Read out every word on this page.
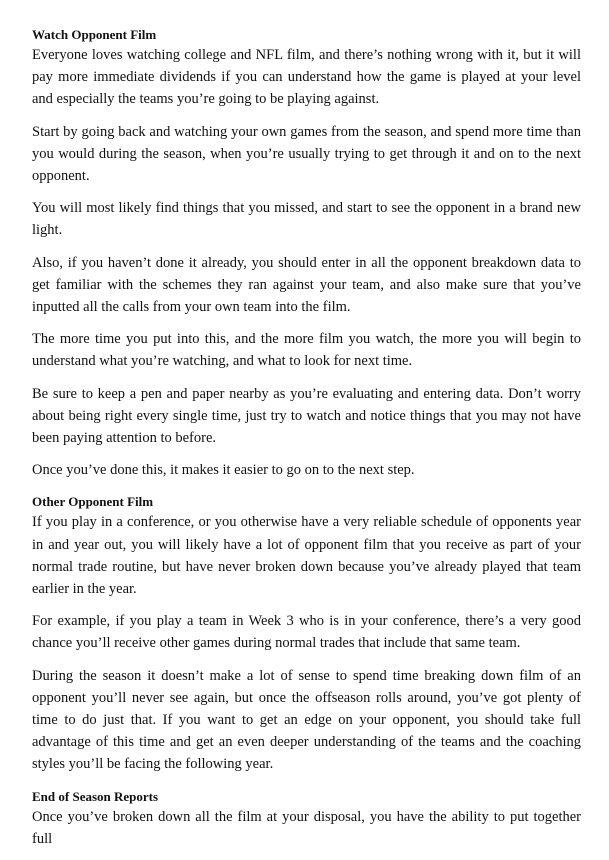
Watch Opponent Film

Everyone loves watching college and NFL film, and there’s nothing wrong with it, but it will pay more immediate dividends if you can understand how the game is played at your level and especially the teams you’re going to be playing against.

Start by going back and watching your own games from the season, and spend more time than you would during the season, when you’re usually trying to get through it and on to the next opponent.

You will most likely find things that you missed, and start to see the opponent in a brand new light.

Also, if you haven’t done it already, you should enter in all the opponent breakdown data to get familiar with the schemes they ran against your team, and also make sure that you’ve inputted all the calls from your own team into the film.

The more time you put into this, and the more film you watch, the more you will begin to understand what you’re watching, and what to look for next time.

Be sure to keep a pen and paper nearby as you’re evaluating and entering data. Don’t worry about being right every single time, just try to watch and notice things that you may not have been paying attention to before.

Once you’ve done this, it makes it easier to go on to the next step.

Other Opponent Film

If you play in a conference, or you otherwise have a very reliable schedule of opponents year in and year out, you will likely have a lot of opponent film that you receive as part of your normal trade routine, but have never broken down because you’ve already played that team earlier in the year.

For example, if you play a team in Week 3 who is in your conference, there’s a very good chance you’ll receive other games during normal trades that include that same team.

During the season it doesn’t make a lot of sense to spend time breaking down film of an opponent you’ll never see again, but once the offseason rolls around, you’ve got plenty of time to do just that. If you want to get an edge on your opponent, you should take full advantage of this time and get an even deeper understanding of the teams and the coaching styles you’ll be facing the following year.

End of Season Reports

Once you’ve broken down all the film at your disposal, you have the ability to put together full
